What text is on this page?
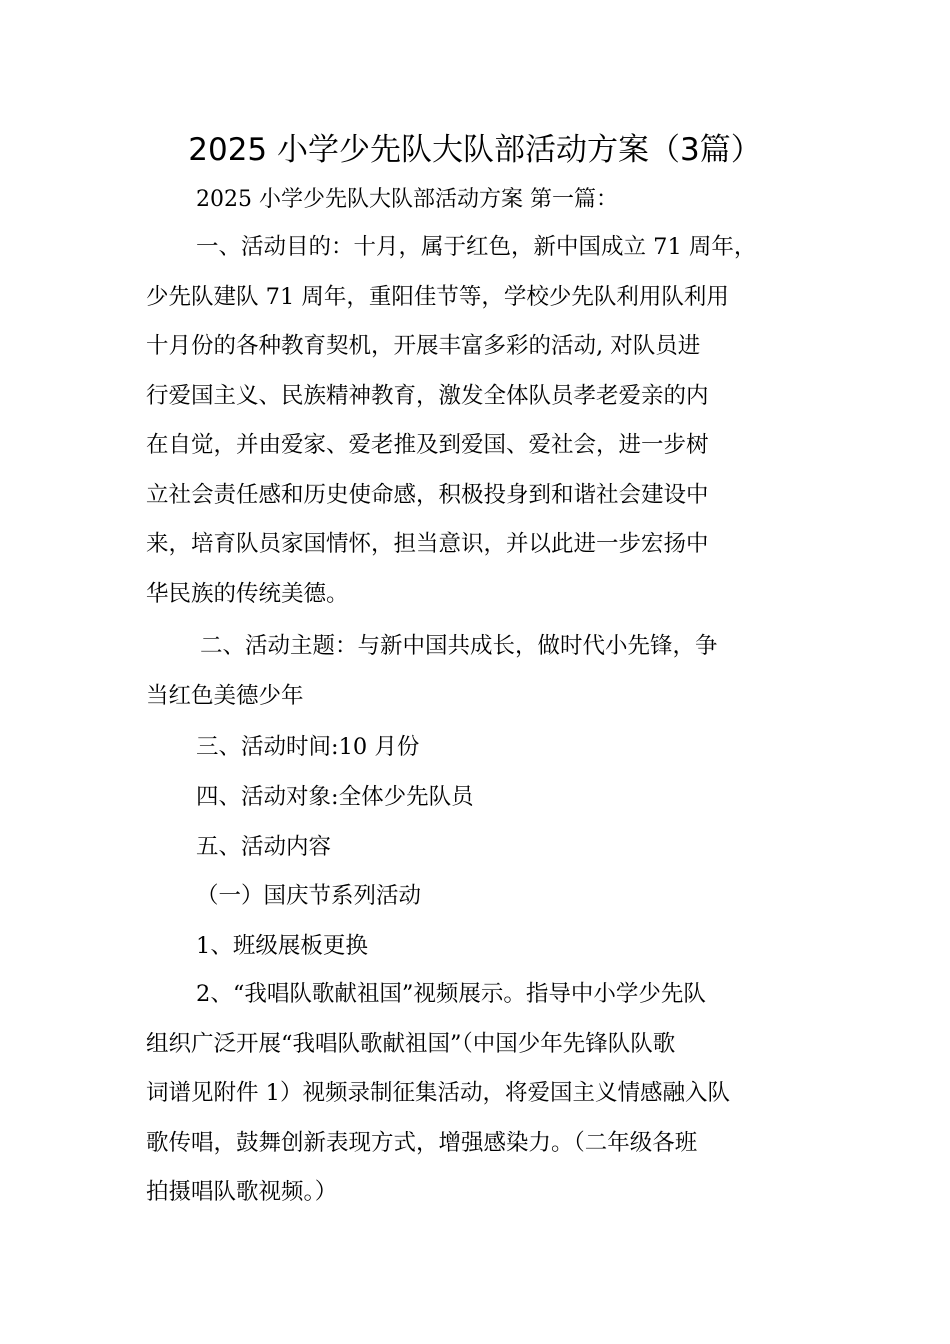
2025 小学少先队大队部活动方案（3篇）
2025 小学少先队大队部活动方案 第一篇：
一、活动目的：十月，属于红色，新中国成立 71 周年，
少先队建队 71 周年，重阳佳节等，学校少先队利用队利用
十月份的各种教育契机，开展丰富多彩的活动, 对队员进
行爱国主义、民族精神教育，激发全体队员孝老爱亲的内
在自觉，并由爱家、爱老推及到爱国、爱社会，进一步树
立社会责任感和历史使命感，积极投身到和谐社会建设中
来，培育队员家国情怀，担当意识，并以此进一步宏扬中
华民族的传统美德。
二、活动主题：与新中国共成长，做时代小先锋，争
当红色美德少年
三、活动时间:10 月份
四、活动对象:全体少先队员
五、活动内容
（一）国庆节系列活动
1、班级展板更换
2、“我唱队歌献祖国”视频展示。指导中小学少先队
组织广泛开展“我唱队歌献祖国”（中国少年先锋队队歌
词谱见附件 1）视频录制征集活动，将爱国主义情感融入队
歌传唱，鼓舞创新表现方式，增强感染力。（二年级各班
拍摄唱队歌视频。）
